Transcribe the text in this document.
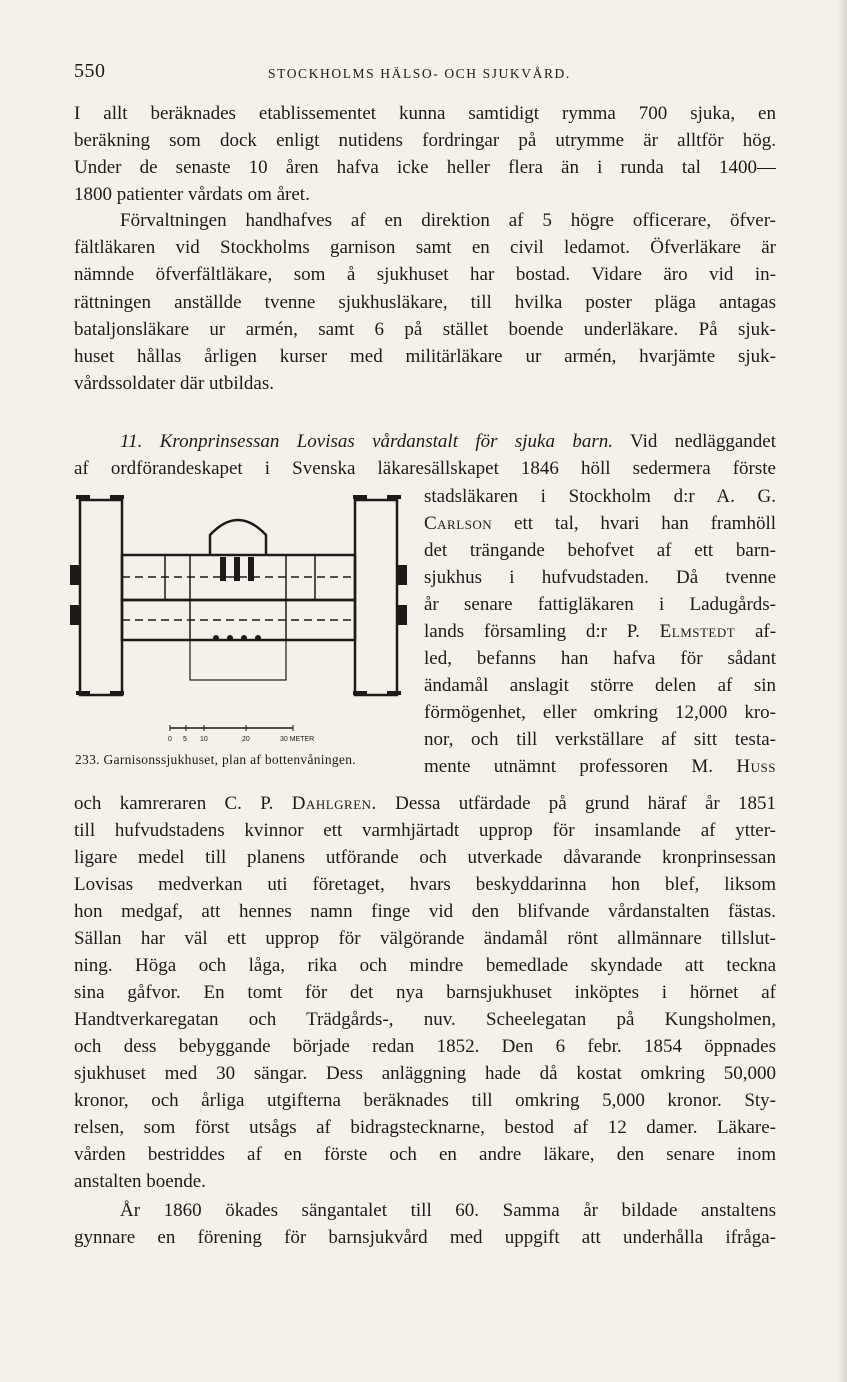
550	STOCKHOLMS HÄLSO- OCH SJUKVÅRD.
I allt beräknades etablissementet kunna samtidigt rymma 700 sjuka, en
beräkning som dock enligt nutidens fordringar på utrymme är alltför hög.
Under de senaste 10 åren hafva icke heller flera än i runda tal 1400—
1800 patienter vårdats om året.
Förvaltningen handhafves af en direktion af 5 högre officerare, öfver-
fältläkaren vid Stockholms garnison samt en civil ledamot. Öfverläkare är
nämnde öfverfältläkare, som å sjukhuset har bostad. Vidare äro vid in-
rättningen anställde tvenne sjukhusläkare, till hvilka poster pläga antagas
bataljonsläkare ur armén, samt 6 på stället boende underläkare. På sjuk-
huset hållas årligen kurser med militärläkare ur armén, hvarjämte sjuk-
vårdssoldater där utbildas.
11. Kronprinsessan Lovisas vårdanstalt för sjuka barn. Vid nedläggandet
af ordförandeskapet i Svenska läkaresällskapet 1846 höll sedermera förste
stadsläkaren i Stockholm d:r A. G.
Carlson ett tal, hvari han framhöll
det trängande behofvet af ett barn-
sjukhus i hufvudstaden. Då tvenne
år senare fattigläkaren i Ladugårds-
lands församling d:r P. Elmstedt af-
led, befanns han hafva för sådant
ändamål anslagit större delen af sin
förmögenhet, eller omkring 12,000 kro-
nor, och till verkställare af sitt testa-
mente utnämnt professoren M. Huss
0 5 10	20	30 METER
233. Garnisonssjukhuset, plan af bottenvåningen.
och kamreraren C. P. Dahlgren. Dessa utfärdade på grund häraf år 1851
till hufvudstadens kvinnor ett varmhjärtadt upprop för insamlande af ytter-
ligare medel till planens utförande och utverkade dåvarande kronprinsessan
Lovisas medverkan uti företaget, hvars beskyddarinna hon blef, liksom
hon medgaf, att hennes namn finge vid den blifvande vårdanstalten fästas.
Sällan har väl ett upprop för välgörande ändamål rönt allmännare tillslut-
ning. Höga och låga, rika och mindre bemedlade skyndade att teckna
sina gåfvor. En tomt för det nya barnsjukhuset inköptes i hörnet af
Handtverkaregatan och Trädgårds-, nuv. Scheelegatan på Kungsholmen,
och dess bebyggande började redan 1852. Den 6 febr. 1854 öppnades
sjukhuset med 30 sängar. Dess anläggning hade då kostat omkring 50,000
kronor, och årliga utgifterna beräknades till omkring 5,000 kronor. Sty-
relsen, som först utsågs af bidragstecknarne, bestod af 12 damer. Läkare-
vården bestriddes af en förste och en andre läkare, den senare inom
anstalten boende.
År 1860 ökades sängantalet till 60. Samma år bildade anstaltens
gynnare en förening för barnsjukvård med uppgift att underhålla ifråga-
